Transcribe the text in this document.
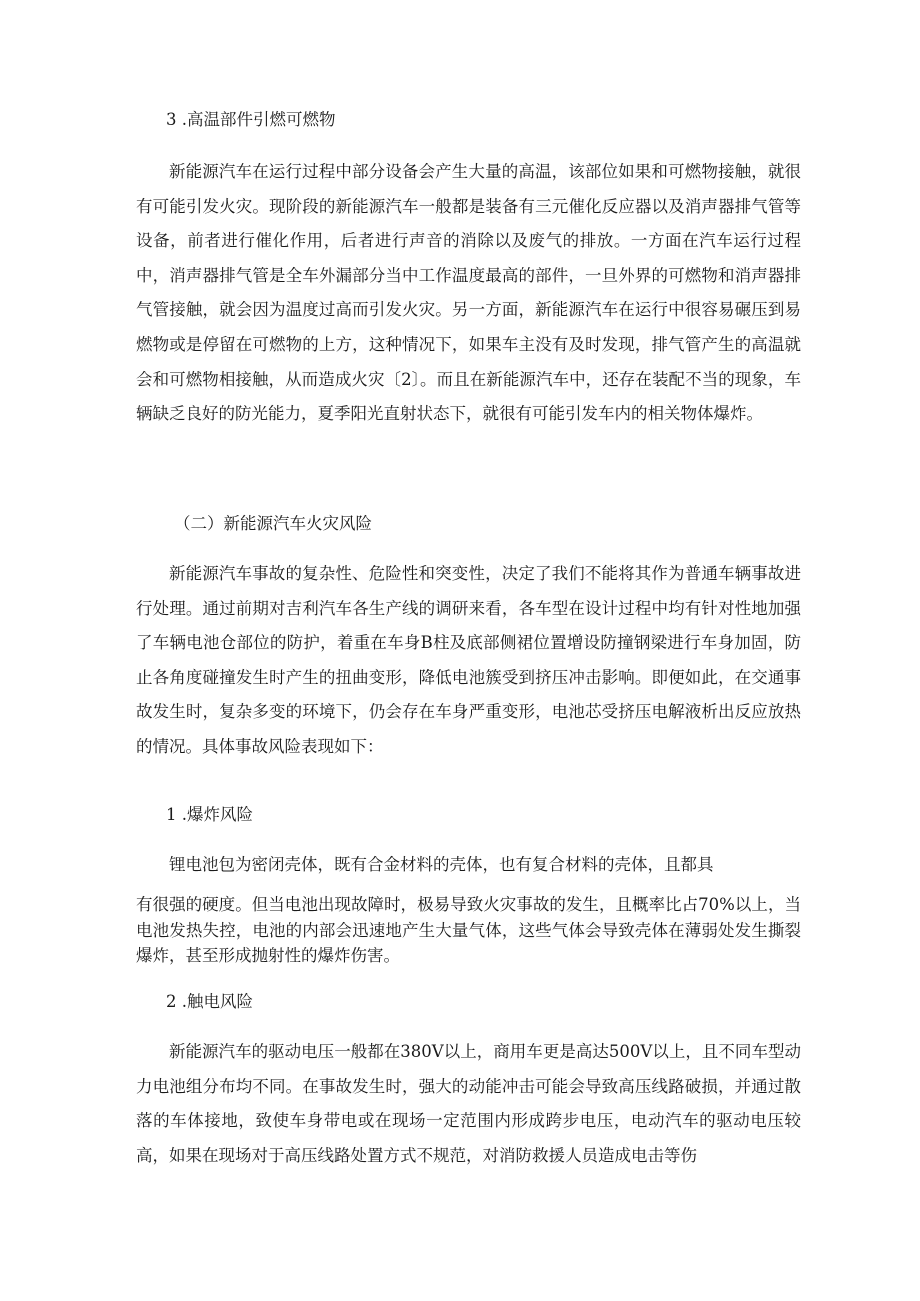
3 .高温部件引燃可燃物

新能源汽车在运行过程中部分设备会产生大量的高温，该部位如果和可燃物接触，就很有可能引发火灾。现阶段的新能源汽车一般都是装备有三元催化反应器以及消声器排气管等设备，前者进行催化作用，后者进行声音的消除以及废气的排放。一方面在汽车运行过程中，消声器排气管是全车外漏部分当中工作温度最高的部件，一旦外界的可燃物和消声器排气管接触，就会因为温度过高而引发火灾。另一方面，新能源汽车在运行中很容易碾压到易燃物或是停留在可燃物的上方，这种情况下，如果车主没有及时发现，排气管产生的高温就会和可燃物相接触，从而造成火灾〔2〕。而且在新能源汽车中，还存在装配不当的现象，车辆缺乏良好的防光能力，夏季阳光直射状态下，就很有可能引发车内的相关物体爆炸。

（二）新能源汽车火灾风险

新能源汽车事故的复杂性、危险性和突变性，决定了我们不能将其作为普通车辆事故进行处理。通过前期对吉利汽车各生产线的调研来看，各车型在设计过程中均有针对性地加强了车辆电池仓部位的防护，着重在车身B柱及底部侧裙位置增设防撞钢梁进行车身加固，防止各角度碰撞发生时产生的扭曲变形，降低电池簇受到挤压冲击影响。即便如此，在交通事故发生时，复杂多变的环境下，仍会存在车身严重变形，电池芯受挤压电解液析出反应放热的情况。具体事故风险表现如下：

1 .爆炸风险

锂电池包为密闭壳体，既有合金材料的壳体，也有复合材料的壳体，且都具

有很强的硬度。但当电池出现故障时，极易导致火灾事故的发生，且概率比占70%以上，当电池发热失控，电池的内部会迅速地产生大量气体，这些气体会导致壳体在薄弱处发生撕裂爆炸，甚至形成抛射性的爆炸伤害。

2 .触电风险

新能源汽车的驱动电压一般都在380V以上，商用车更是高达500V以上，且不同车型动力电池组分布均不同。在事故发生时，强大的动能冲击可能会导致高压线路破损，并通过散落的车体接地，致使车身带电或在现场一定范围内形成跨步电压，电动汽车的驱动电压较高，如果在现场对于高压线路处置方式不规范，对消防救援人员造成电击等伤
